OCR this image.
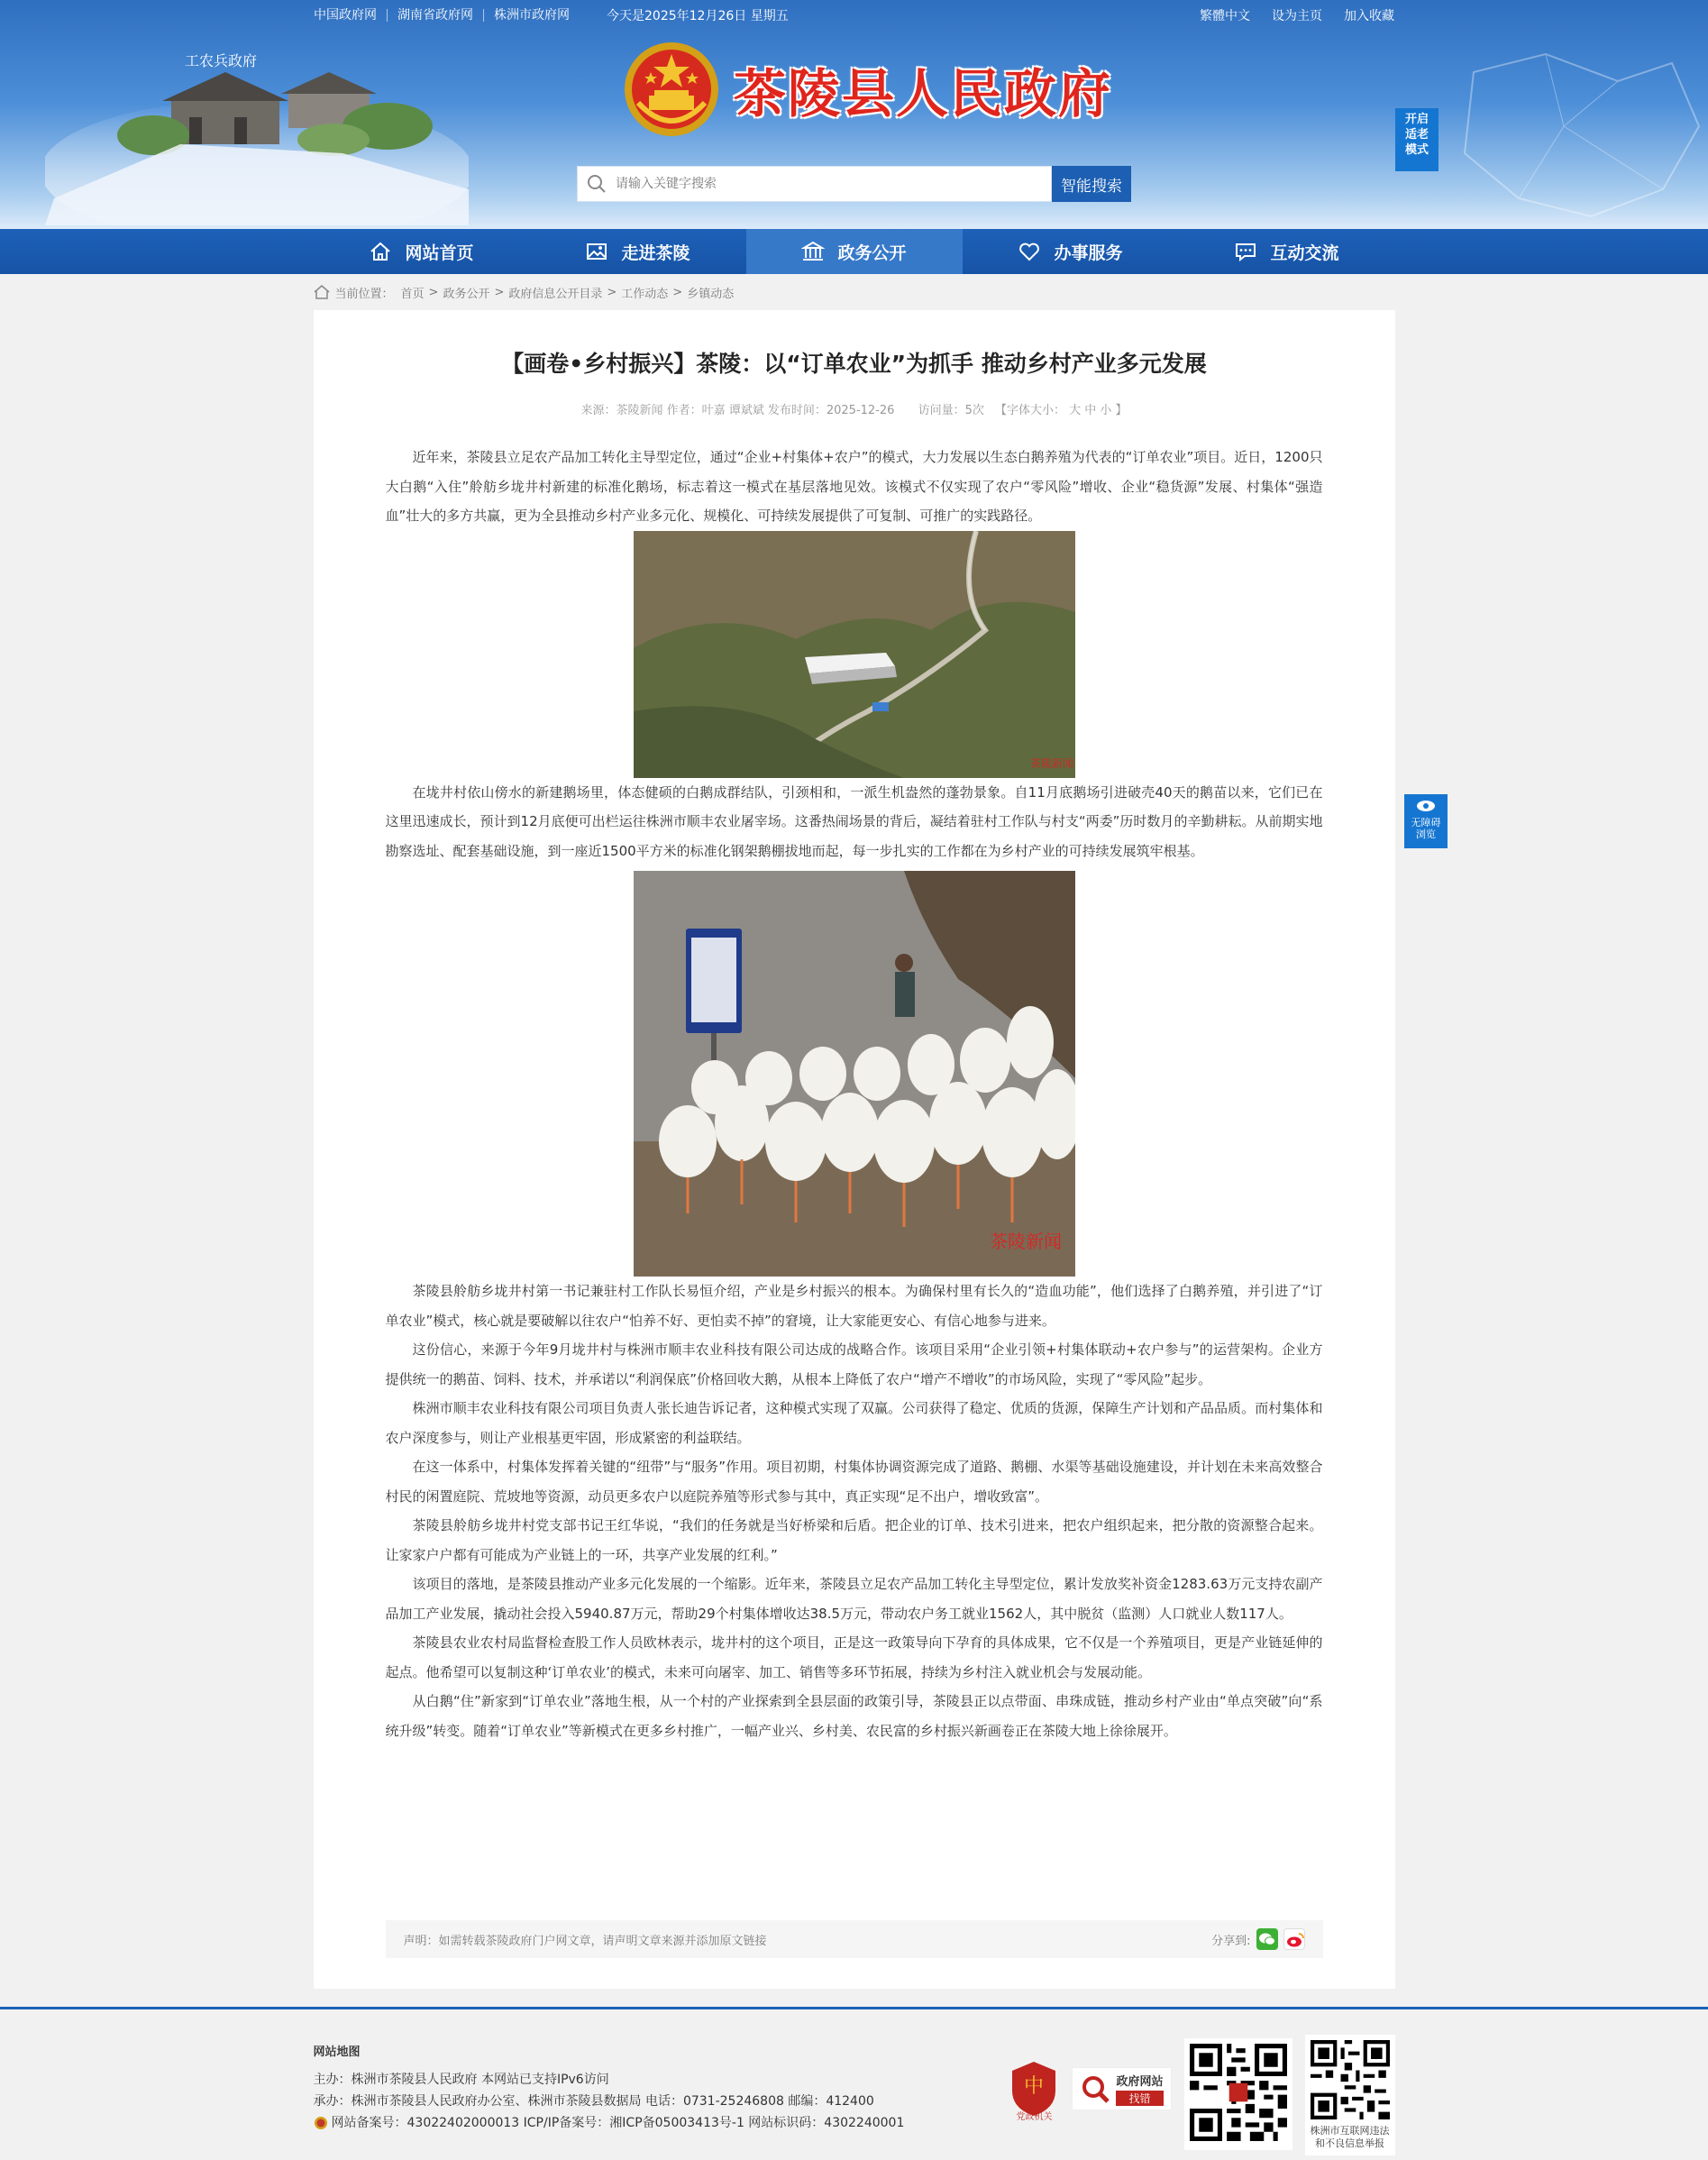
工农兵政府
中国政府网	湖南省政府网	株洲市政府网	今天是2025年12月26日 星期五	繁體中文 设为主页 加入收藏
茶陵县人民政府
请输入关键字搜索
智能搜索
开启适老模式
网站首页	走进茶陵	政务公开	办事服务	互动交流
当前位置： 首页 > 政务公开 > 政府信息公开目录 > 工作动态 > 乡镇动态
【画卷•乡村振兴】茶陵：以“订单农业”为抓手 推动乡村产业多元发展
来源：茶陵新闻 作者：叶嘉 谭斌斌 发布时间：2025-12-26 访问量：5次 【字体大小： 大 中 小 】

近年来，茶陵县立足农产品加工转化主导型定位，通过“企业+村集体+农户”的模式，大力发展以生态白鹅养殖为代表的“订单农业”项目。近日，1200只大白鹅“入住”舲舫乡垅井村新建的标准化鹅场，标志着这一模式在基层落地见效。该模式不仅实现了农户“零风险”增收、企业“稳货源”发展、村集体“强造血”壮大的多方共赢，更为全县推动乡村产业多元化、规模化、可持续发展提供了可复制、可推广的实践路径。

茶陵新闻

在垅井村依山傍水的新建鹅场里，体态健硕的白鹅成群结队，引颈相和，一派生机盎然的蓬勃景象。自11月底鹅场引进破壳40天的鹅苗以来，它们已在这里迅速成长，预计到12月底便可出栏运往株洲市顺丰农业屠宰场。这番热闹场景的背后，凝结着驻村工作队与村支“两委”历时数月的辛勤耕耘。从前期实地勘察选址、配套基础设施，到一座近1500平方米的标准化钢架鹅棚拔地而起，每一步扎实的工作都在为乡村产业的可持续发展筑牢根基。

茶陵新闻

茶陵县舲舫乡垅井村第一书记兼驻村工作队长易恒介绍，产业是乡村振兴的根本。为确保村里有长久的“造血功能”，他们选择了白鹅养殖，并引进了“订单农业”模式，核心就是要破解以往农户“怕养不好、更怕卖不掉”的窘境，让大家能更安心、有信心地参与进来。

这份信心，来源于今年9月垅井村与株洲市顺丰农业科技有限公司达成的战略合作。该项目采用“企业引领+村集体联动+农户参与”的运营架构。企业方提供统一的鹅苗、饲料、技术，并承诺以“利润保底”价格回收大鹅，从根本上降低了农户“增产不增收”的市场风险，实现了“零风险”起步。

株洲市顺丰农业科技有限公司项目负责人张长迪告诉记者，这种模式实现了双赢。公司获得了稳定、优质的货源，保障生产计划和产品品质。而村集体和农户深度参与，则让产业根基更牢固，形成紧密的利益联结。

在这一体系中，村集体发挥着关键的“纽带”与“服务”作用。项目初期，村集体协调资源完成了道路、鹅棚、水渠等基础设施建设，并计划在未来高效整合村民的闲置庭院、荒坡地等资源，动员更多农户以庭院养殖等形式参与其中，真正实现“足不出户，增收致富”。

茶陵县舲舫乡垅井村党支部书记王红华说，“我们的任务就是当好桥梁和后盾。把企业的订单、技术引进来，把农户组织起来，把分散的资源整合起来。让家家户户都有可能成为产业链上的一环，共享产业发展的红利。”

该项目的落地，是茶陵县推动产业多元化发展的一个缩影。近年来，茶陵县立足农产品加工转化主导型定位，累计发放奖补资金1283.63万元支持农副产品加工产业发展，撬动社会投入5940.87万元，帮助29个村集体增收达38.5万元，带动农户务工就业1562人，其中脱贫（监测）人口就业人数117人。

茶陵县农业农村局监督检查股工作人员欧林表示，垅井村的这个项目，正是这一政策导向下孕育的具体成果，它不仅是一个养殖项目，更是产业链延伸的起点。他希望可以复制这种‘订单农业’的模式，未来可向屠宰、加工、销售等多环节拓展，持续为乡村注入就业机会与发展动能。

从白鹅“住”新家到“订单农业”落地生根，从一个村的产业探索到全县层面的政策引导，茶陵县正以点带面、串珠成链，推动乡村产业由“单点突破”向“系统升级”转变。随着“订单农业”等新模式在更多乡村推广，一幅产业兴、乡村美、农民富的乡村振兴新画卷正在茶陵大地上徐徐展开。

声明：如需转载茶陵政府门户网文章，请声明文章来源并添加原文链接	分享到:
无障碍浏览
网站地图
主办：株洲市茶陵县人民政府 本网站已支持IPv6访问
承办：株洲市茶陵县人民政府办公室、株洲市茶陵县数据局 电话：0731-25246808 邮编：412400
网站备案号：43022402000013 ICP/IP备案号：湘ICP备05003413号-1 网站标识码：4302240001
中
党政机关
政府网站
找错
株洲市互联网违法和不良信息举报
